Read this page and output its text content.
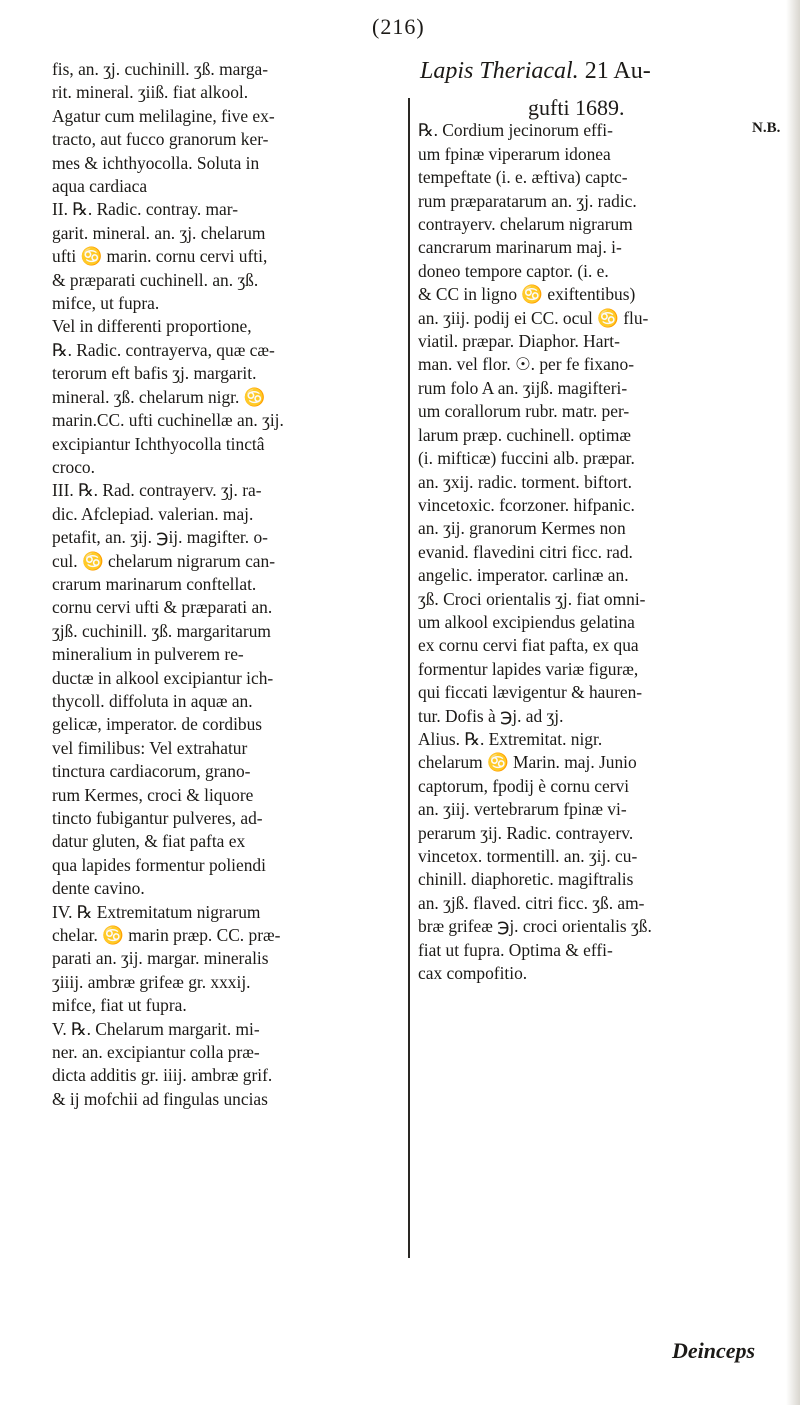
(216)
fis, an. ʒj. cuchinill. ʒß. marga-
rit. mineral. ʒiiß. fiat alkool.
Agatur cum melilagine, five ex-
tracto, aut fucco granorum ker-
mes & ichthyocolla. Soluta in
aqua cardiaca
II. ℞. Radic. contray. mar-
garit. mineral. an. ʒj. chelarum
ufti ♋ marin. cornu cervi ufti,
& præparati cuchinell. an. ʒß.
mifce, ut fupra.
Vel in differenti proportione,
℞. Radic. contrayerva, quæ cæ-
terorum eft bafis ʒj. margarit.
mineral. ʒß. chelarum nigr. ♋
marin.CC. ufti cuchinellæ an. ʒij.
excipiantur Ichthyocolla tinctâ
croco.
III. ℞. Rad. contrayerv. ʒj. ra-
dic. Afclepiad. valerian. maj.
petafit, an. ʒij. ℈ij. magifter. o-
cul. ♋ chelarum nigrarum can-
crarum marinarum conftellat.
cornu cervi ufti & præparati an.
ʒjß. cuchinill. ʒß. margaritarum
mineralium in pulverem re-
ductæ in alkool excipiantur ich-
thycoll. diffoluta in aquæ an.
gelicæ, imperator. de cordibus
vel fimilibus: Vel extrahatur
tinctura cardiacorum, grano-
rum Kermes, croci & liquore
tincto fubigantur pulveres, ad-
datur gluten, & fiat pafta ex
qua lapides formentur poliendi
dente cavino.
IV. ℞ Extremitatum nigrarum
chelar. ♋ marin præp. CC. præ-
parati an. ʒij. margar. mineralis
ʒiiij. ambræ grifeæ gr. xxxij.
mifce, fiat ut fupra.
V. ℞. Chelarum margarit. mi-
ner. an. excipiantur colla præ-
dicta additis gr. iiij. ambræ grif.
& ij mofchii ad fingulas uncias
Lapis Theriacal. 21 Au-
N.B.
gufti 1689.
℞. Cordium jecinorum effi-
um fpinæ viperarum idonea
tempeftate (i. e. æftiva) captc-
rum præparatarum an. ʒj. radic.
contrayerv. chelarum nigrarum
cancrarum marinarum maj. i-
doneo tempore captor. (i. e.
& CC in ligno ♋ exiftentibus)
an. ʒiij. podij ei CC. ocul ♋ flu-
viatil. præpar. Diaphor. Hart-
man. vel flor. ☉. per fe fixano-
rum folo A an. ʒijß. magifteri-
um corallorum rubr. matr. per-
larum præp. cuchinell. optimæ
(i. mifticæ) fuccini alb. præpar.
an. ʒxij. radic. torment. biftort.
vincetoxic. fcorzoner. hifpanic.
an. ʒij. granorum Kermes non
evanid. flavedini citri ficc. rad.
angelic. imperator. carlinæ an.
ʒß. Croci orientalis ʒj. fiat omni-
um alkool excipiendus gelatina
ex cornu cervi fiat pafta, ex qua
formentur lapides variæ figuræ,
qui ficcati lævigentur & hauren-
tur. Dofis à ℈j. ad ʒj.
Alius. ℞. Extremitat. nigr.
chelarum ♋ Marin. maj. Junio
captorum, fpodij è cornu cervi
an. ʒiij. vertebrarum fpinæ vi-
perarum ʒij. Radic. contrayerv.
vincetox. tormentill. an. ʒij. cu-
chinill. diaphoretic. magiftralis
an. ʒjß. flaved. citri ficc. ʒß. am-
bræ grifeæ ℈j. croci orientalis ʒß.
fiat ut fupra. Optima & effi-
cax compofitio.
Deinceps
